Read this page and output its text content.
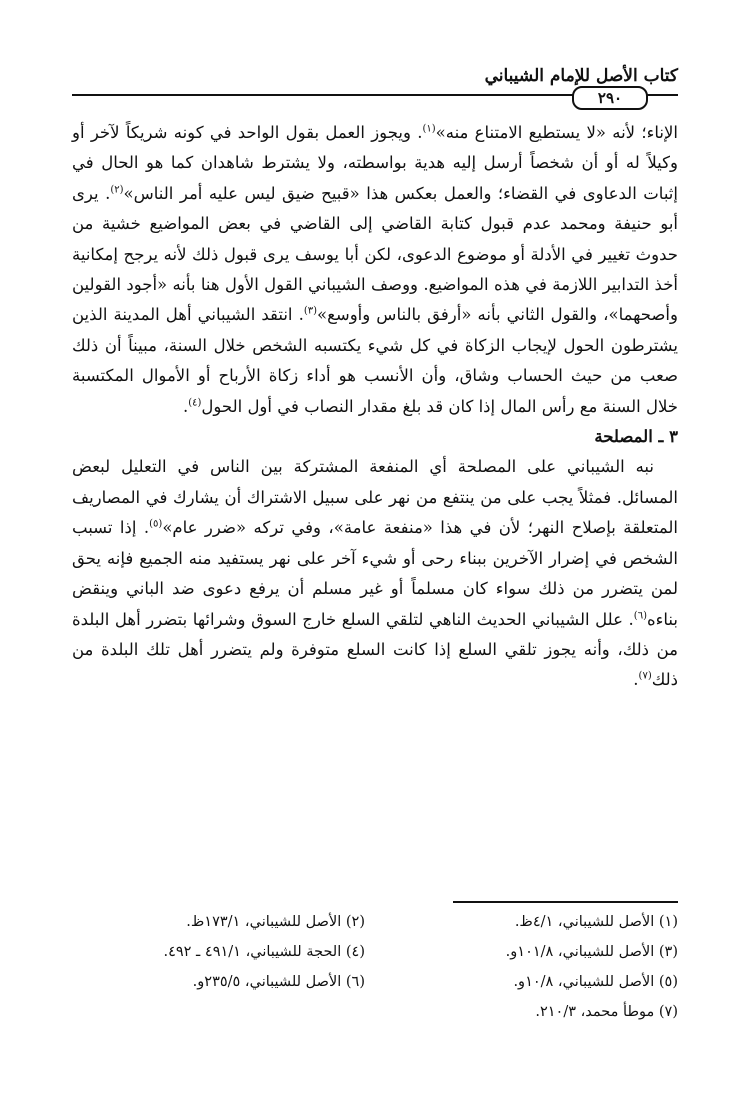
كتاب الأصل للإمام الشيباني
٢٩٠

الإناء؛ لأنه «لا يستطيع الامتناع منه»$^{(١)}$. ويجوز العمل بقول الواحد في كونه شريكاً لآخر أو وكيلاً له أو أن شخصاً أرسل إليه هدية بواسطته، ولا يشترط شاهدان كما هو الحال في إثبات الدعاوى في القضاء؛ والعمل بعكس هذا «قبيح ضيق ليس عليه أمر الناس»$^{(٢)}$. يرى أبو حنيفة ومحمد عدم قبول كتابة القاضي إلى القاضي في بعض المواضيع خشية من حدوث تغيير في الأدلة أو موضوع الدعوى، لكن أبا يوسف يرى قبول ذلك لأنه يرجح إمكانية أخذ التدابير اللازمة في هذه المواضيع. ووصف الشيباني القول الأول هنا بأنه «أجود القولين وأصحهما»، والقول الثاني بأنه «أرفق بالناس وأوسع»$^{(٣)}$. انتقد الشيباني أهل المدينة الذين يشترطون الحول لإيجاب الزكاة في كل شيء يكتسبه الشخص خلال السنة، مبيناً أن ذلك صعب من حيث الحساب وشاق، وأن الأنسب هو أداء زكاة الأرباح أو الأموال المكتسبة خلال السنة مع رأس المال إذا كان قد بلغ مقدار النصاب في أول الحول$^{(٤)}$.

٣ ـ المصلحة

نبه الشيباني على المصلحة أي المنفعة المشتركة بين الناس في التعليل لبعض المسائل. فمثلاً يجب على من ينتفع من نهر على سبيل الاشتراك أن يشارك في المصاريف المتعلقة بإصلاح النهر؛ لأن في هذا «منفعة عامة»، وفي تركه «ضرر عام»$^{(٥)}$. إذا تسبب الشخص في إضرار الآخرين ببناء رحى أو شيء آخر على نهر يستفيد منه الجميع فإنه يحق لمن يتضرر من ذلك سواء كان مسلماً أو غير مسلم أن يرفع دعوى ضد الباني وينقض بناءه$^{(٦)}$. علل الشيباني الحديث الناهي لتلقي السلع خارج السوق وشرائها بتضرر أهل البلدة من ذلك، وأنه يجوز تلقي السلع إذا كانت السلع متوفرة ولم يتضرر أهل تلك البلدة من ذلك$^{(٧)}$.

(١) الأصل للشيباني، ٤/١ظ.
(٢) الأصل للشيباني، ١٧٣/١ظ.
(٣) الأصل للشيباني، ١٠١/٨و.
(٤) الحجة للشيباني، ٤٩١/١ ـ ٤٩٢.
(٥) الأصل للشيباني، ١٠/٨و.
(٦) الأصل للشيباني، ٢٣٥/٥و.
(٧) موطأ محمد، ٢١٠/٣.
